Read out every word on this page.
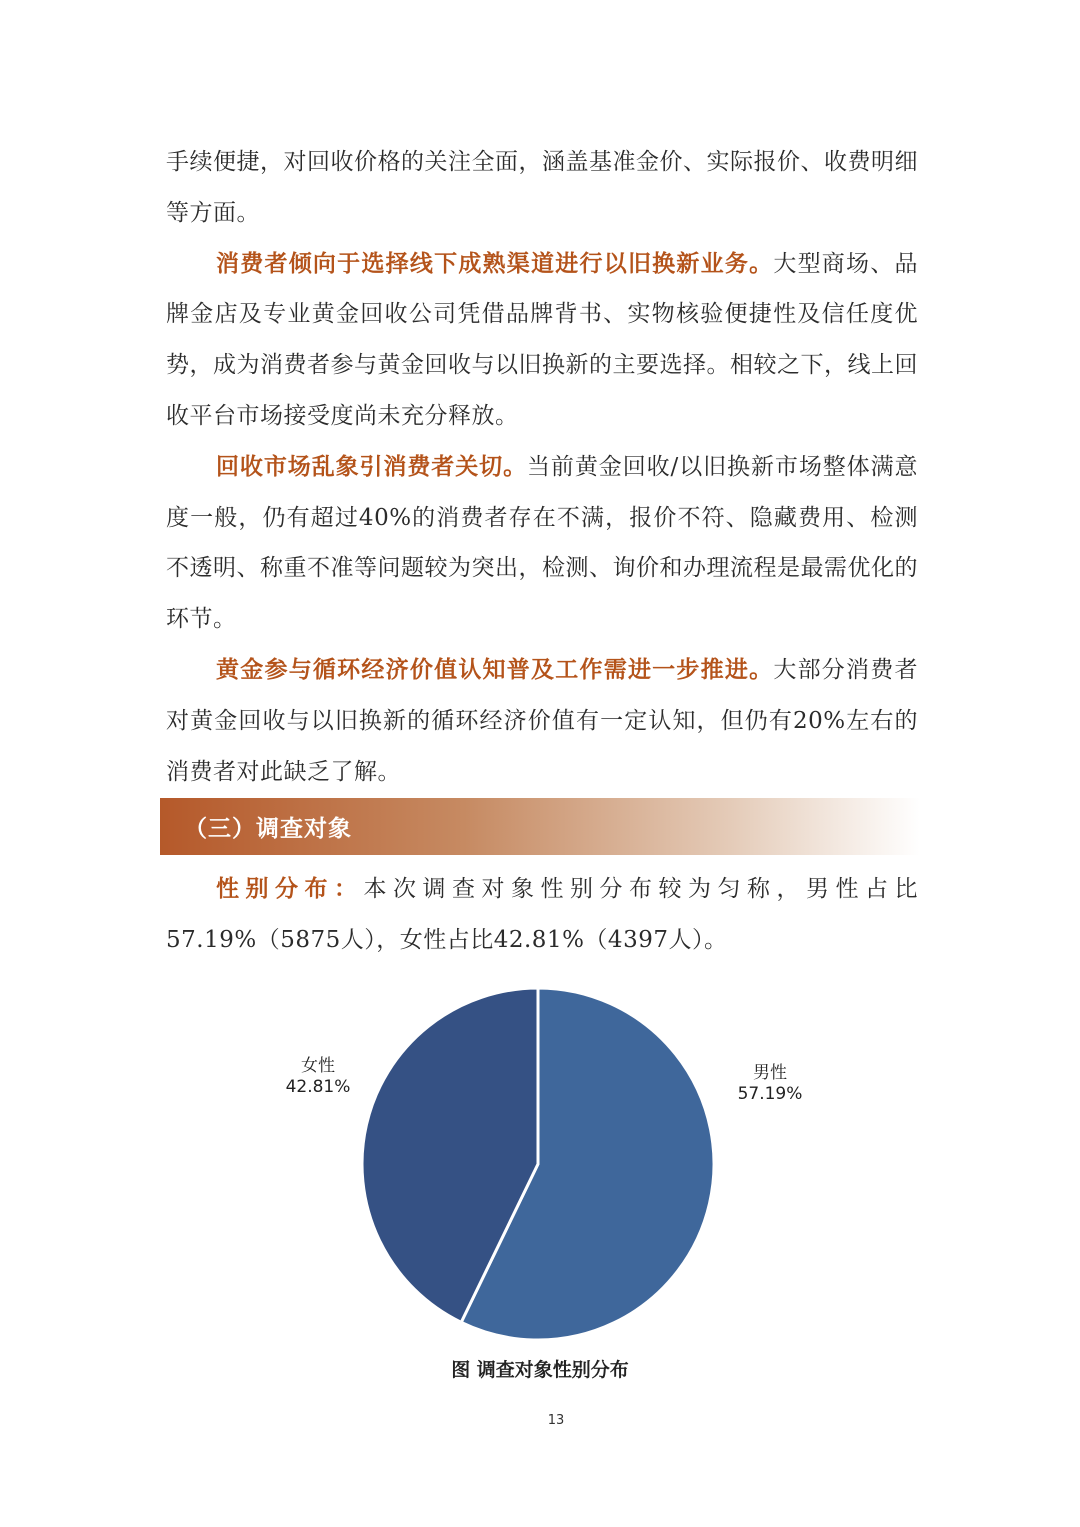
手续便捷，对回收价格的关注全面，涵盖基准金价、实际报价、收费明细等方面。

消费者倾向于选择线下成熟渠道进行以旧换新业务。大型商场、品牌金店及专业黄金回收公司凭借品牌背书、实物核验便捷性及信任度优势，成为消费者参与黄金回收与以旧换新的主要选择。相较之下，线上回收平台市场接受度尚未充分释放。

回收市场乱象引消费者关切。当前黄金回收/以旧换新市场整体满意度一般，仍有超过40%的消费者存在不满，报价不符、隐藏费用、检测不透明、称重不准等问题较为突出，检测、询价和办理流程是最需优化的环节。

黄金参与循环经济价值认知普及工作需进一步推进。大部分消费者对黄金回收与以旧换新的循环经济价值有一定认知，但仍有20%左右的消费者对此缺乏了解。

（三）调查对象

性别分布：本次调查对象性别分布较为匀称，男性占比57.19%（5875人），女性占比42.81%（4397人）。

女性
42.81%
男性
57.19%
图 调查对象性别分布
13
